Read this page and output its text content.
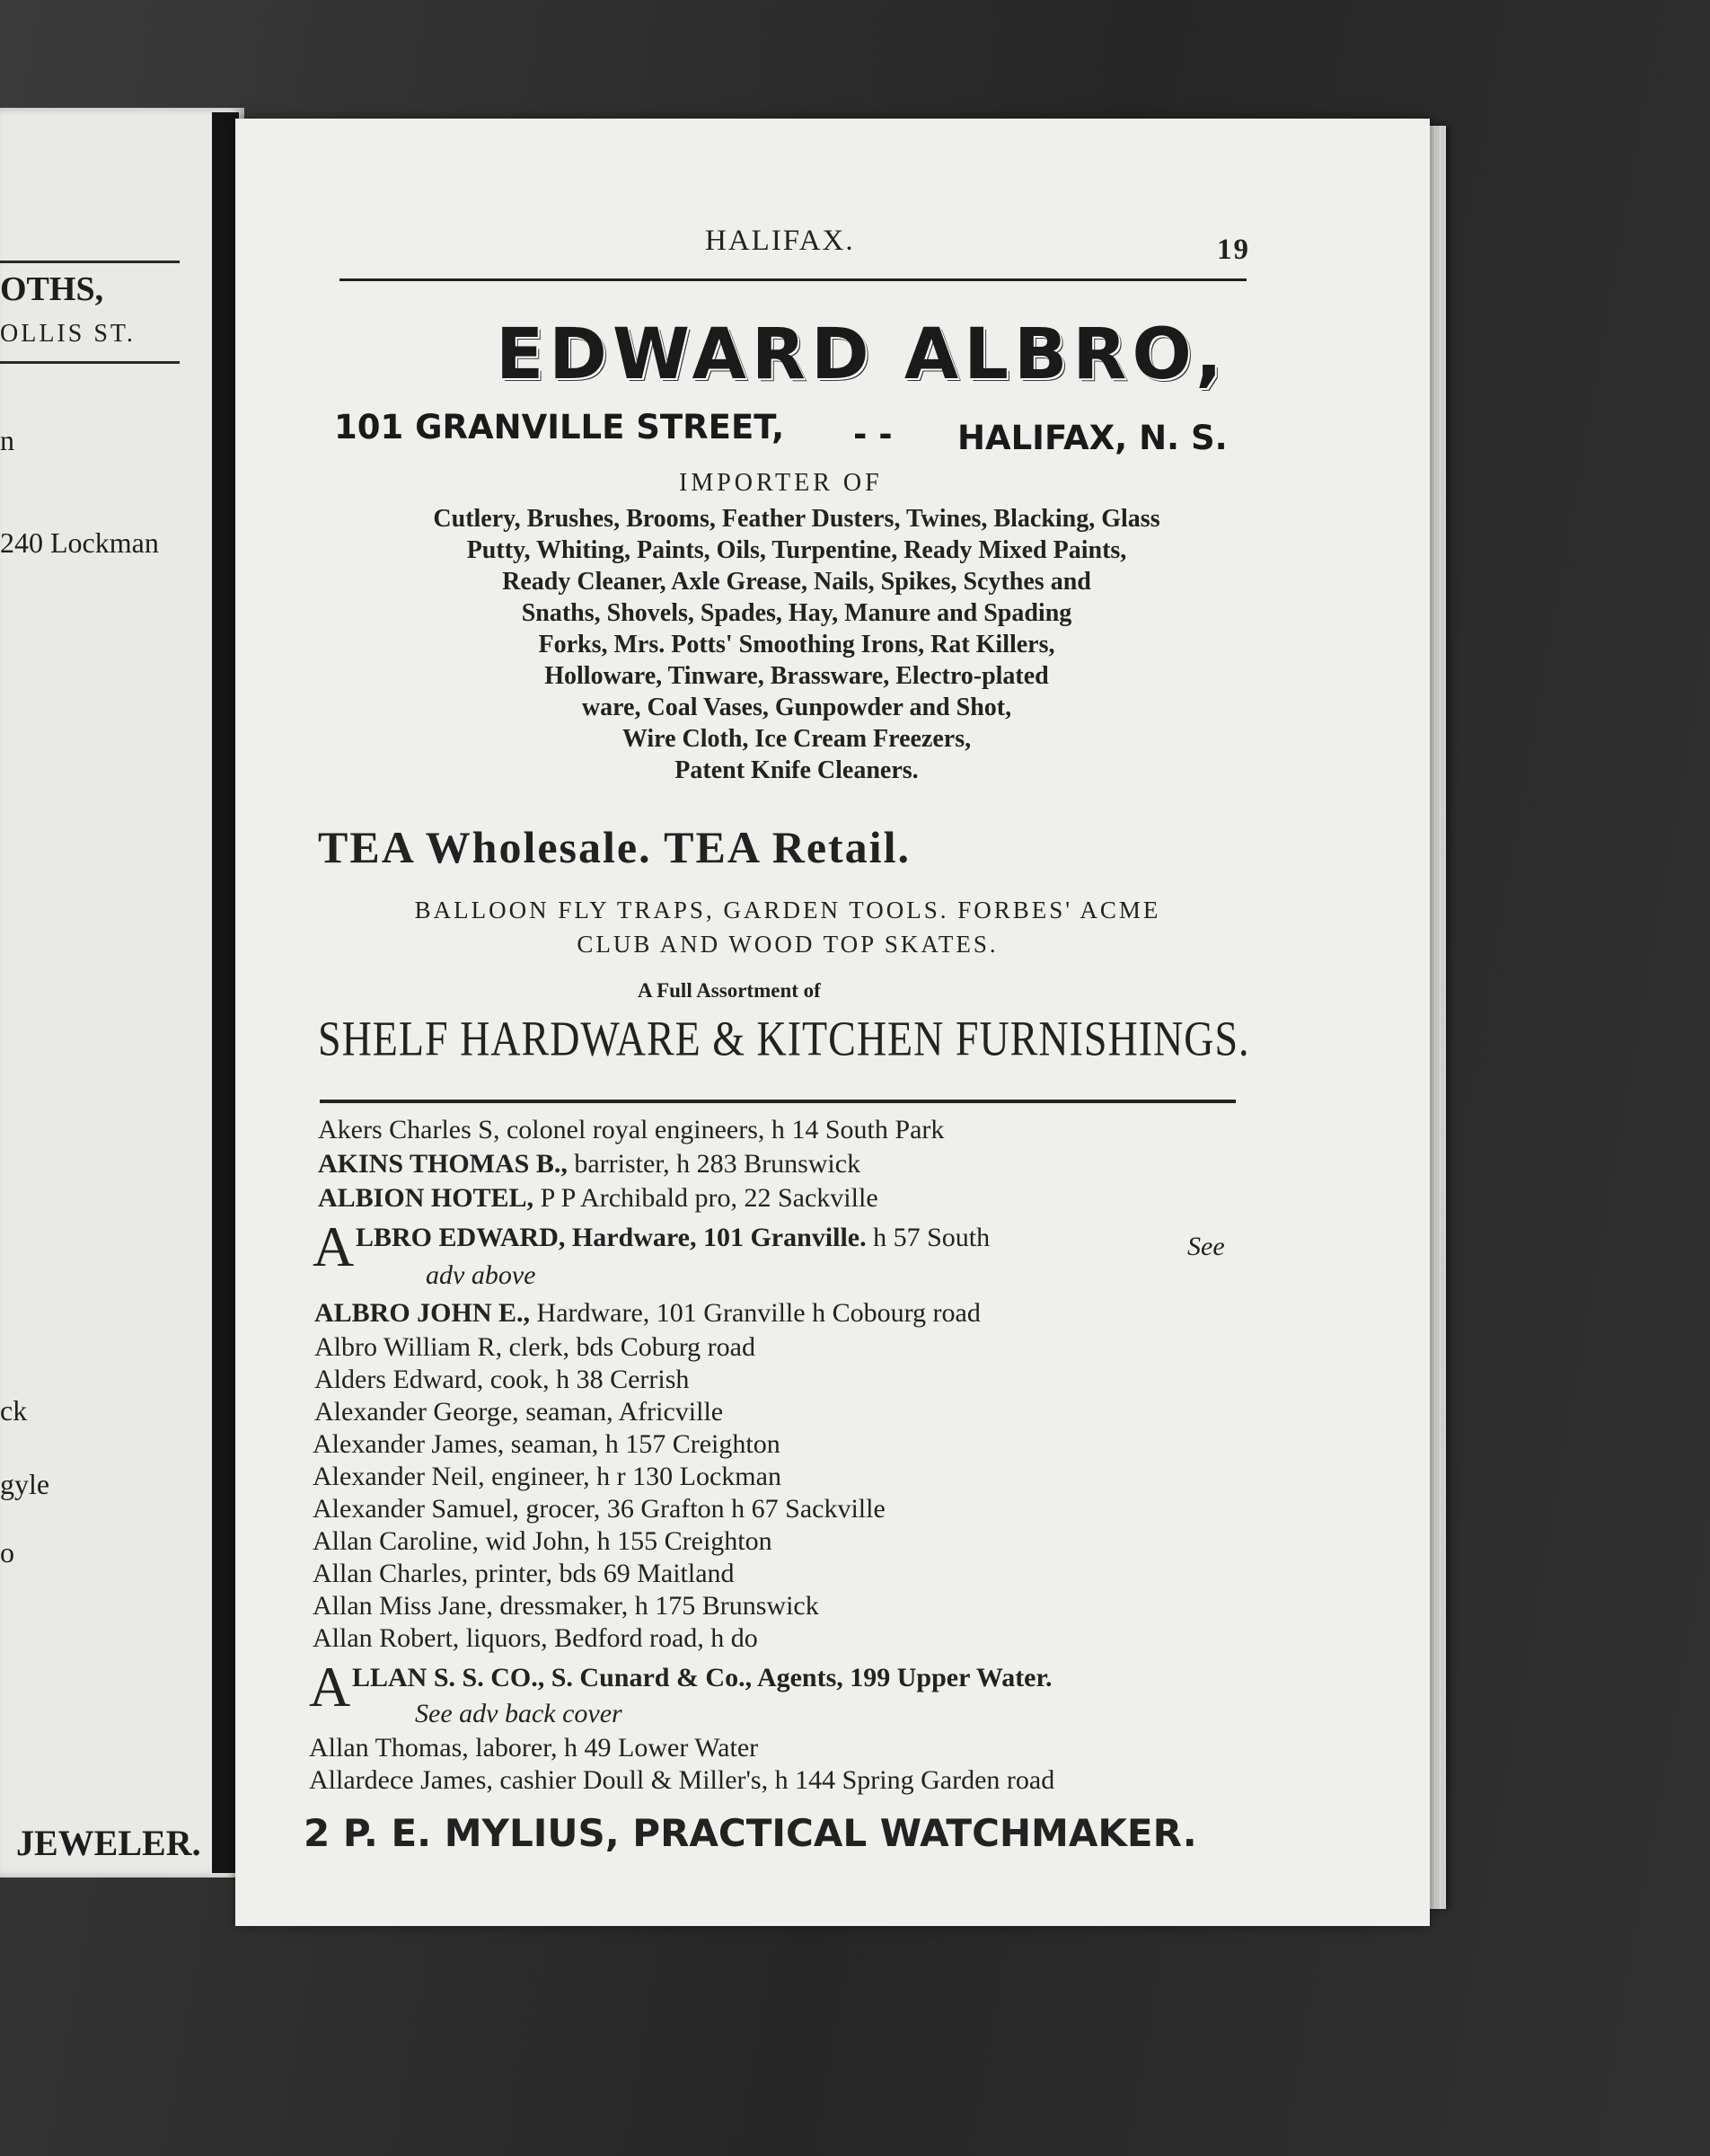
OTHS,
OLLIS ST.
n
240 Lockman
ck
gyle
o
JEWELER.
HALIFAX.	19
EDWARD ALBRO,
101 GRANVILLE STREET, - - HALIFAX, N. S.
IMPORTER OF
Cutlery, Brushes, Brooms, Feather Dusters, Twines, Blacking, Glass
Putty, Whiting, Paints, Oils, Turpentine, Ready Mixed Paints,
Ready Cleaner, Axle Grease, Nails, Spikes, Scythes and
Snaths, Shovels, Spades, Hay, Manure and Spading
Forks, Mrs. Potts' Smoothing Irons, Rat Killers,
Holloware, Tinware, Brassware, Electro-plated
ware, Coal Vases, Gunpowder and Shot,
Wire Cloth, Ice Cream Freezers,
Patent Knife Cleaners.
TEA Wholesale. TEA Retail.
BALLOON FLY TRAPS, GARDEN TOOLS. FORBES' ACME
CLUB AND WOOD TOP SKATES.
A Full Assortment of
SHELF HARDWARE & KITCHEN FURNISHINGS.
Akers Charles S, colonel royal engineers, h 14 South Park
AKINS THOMAS B., barrister, h 283 Brunswick
ALBION HOTEL, P P Archibald pro, 22 Sackville
A LBRO EDWARD, Hardware, 101 Granville. h 57 South	See
adv above
ALBRO JOHN E., Hardware, 101 Granville h Cobourg road
Albro William R, clerk, bds Coburg road
Alders Edward, cook, h 38 Cerrish
Alexander George, seaman, Africville
Alexander James, seaman, h 157 Creighton
Alexander Neil, engineer, h r 130 Lockman
Alexander Samuel, grocer, 36 Grafton h 67 Sackville
Allan Caroline, wid John, h 155 Creighton
Allan Charles, printer, bds 69 Maitland
Allan Miss Jane, dressmaker, h 175 Brunswick
Allan Robert, liquors, Bedford road, h do
A LLAN S. S. CO., S. Cunard & Co., Agents, 199 Upper Water.
See adv back cover
Allan Thomas, laborer, h 49 Lower Water
Allardece James, cashier Doull & Miller's, h 144 Spring Garden road
2 P. E. MYLIUS, PRACTICAL WATCHMAKER.
